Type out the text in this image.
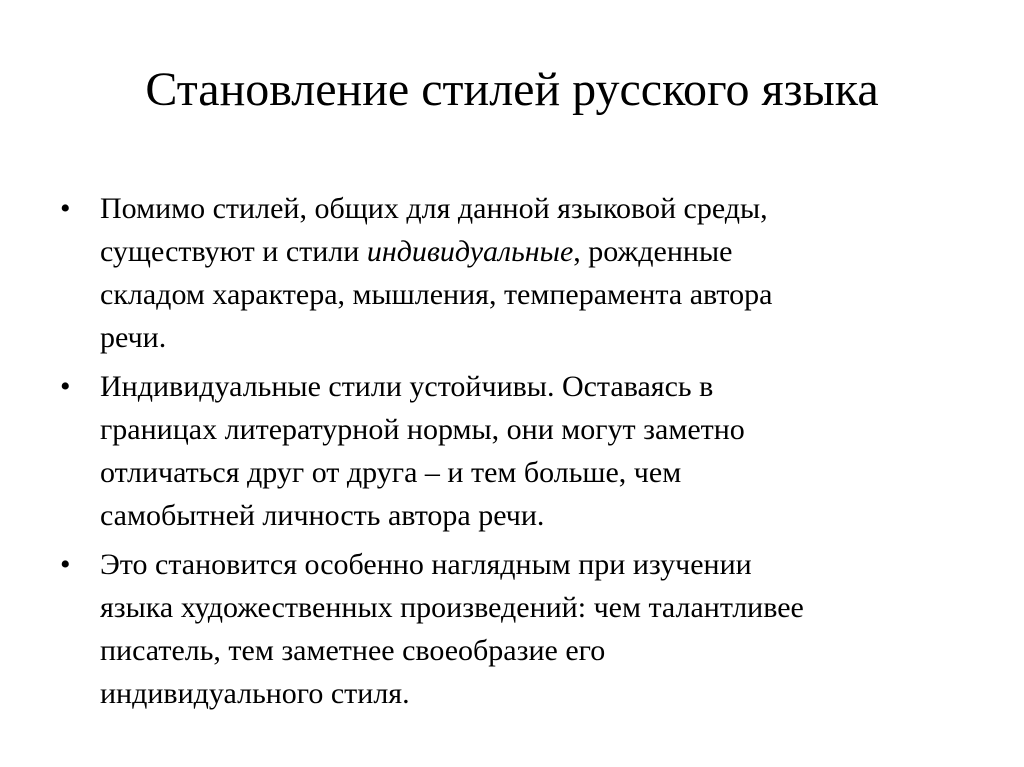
Становление стилей русского языка
• Помимо стилей, общих для данной языковой среды,
существуют и стили индивидуальные, рожденные
складом характера, мышления, темперамента автора
речи.
• Индивидуальные стили устойчивы. Оставаясь в
границах литературной нормы, они могут заметно
отличаться друг от друга – и тем больше, чем
самобытней личность автора речи.
• Это становится особенно наглядным при изучении
языка художественных произведений: чем талантливее
писатель, тем заметнее своеобразие его
индивидуального стиля.
